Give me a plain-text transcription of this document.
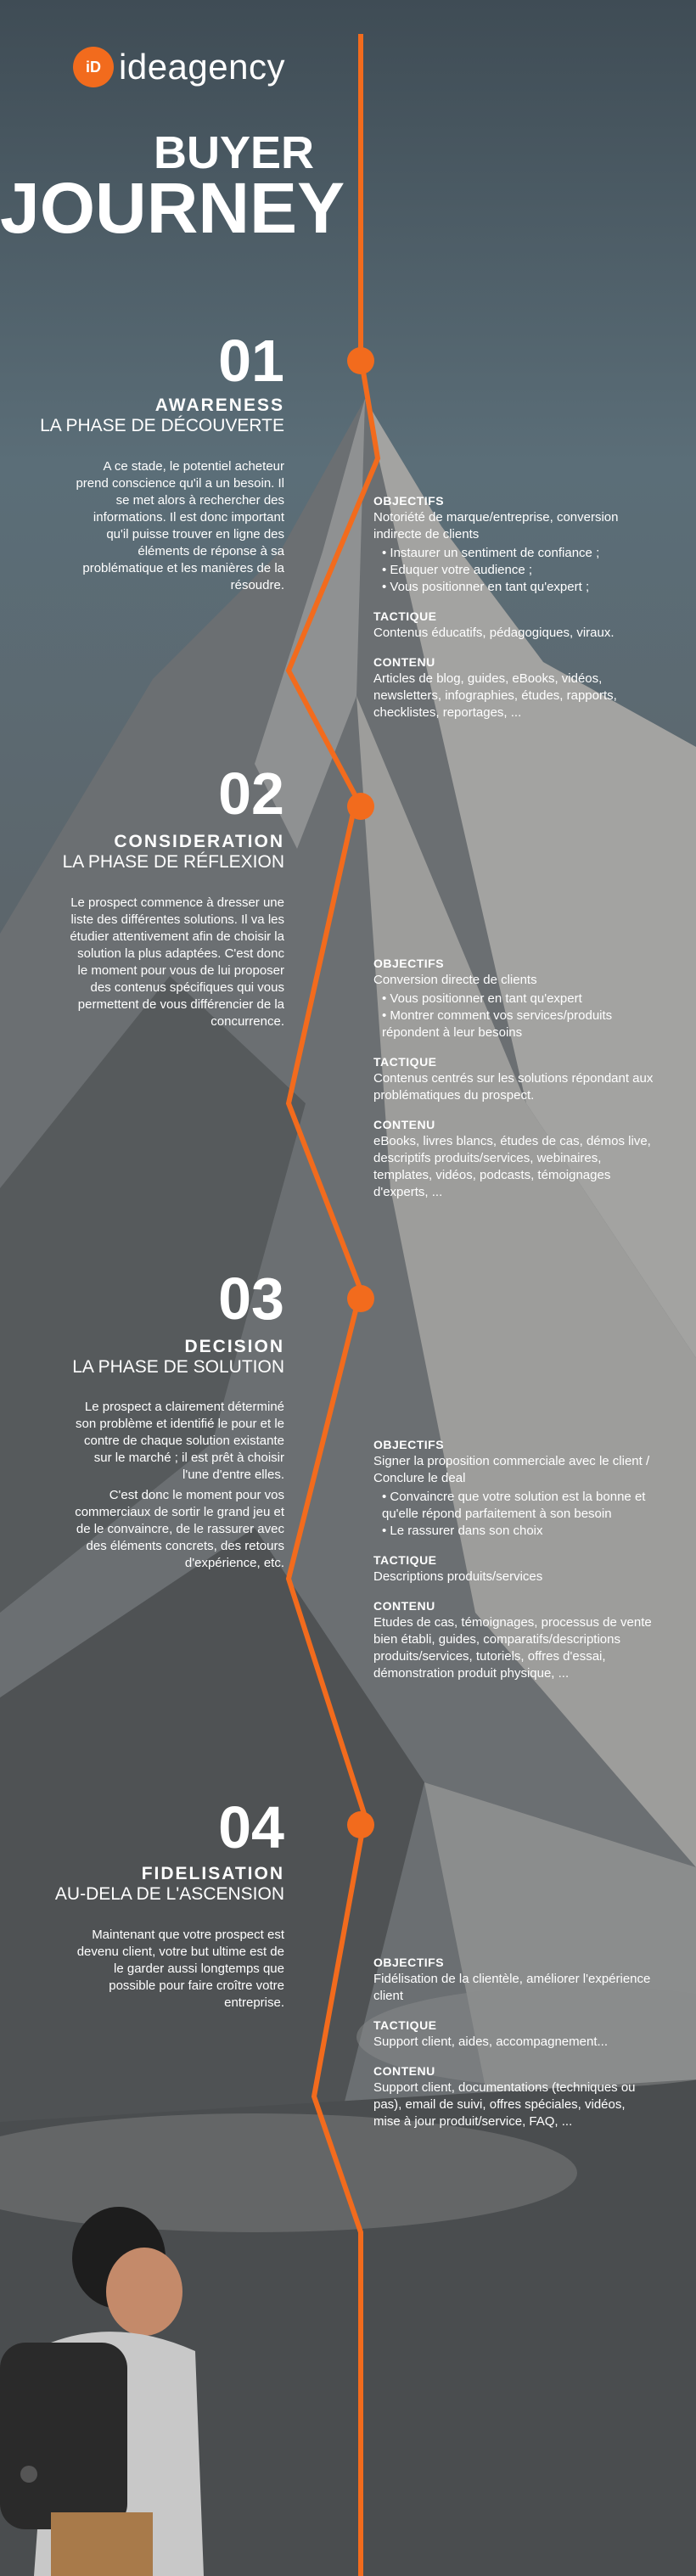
iD ideagency
BUYER
JOURNEY
01
AWARENESS
LA PHASE DE DÉCOUVERTE

A ce stade, le potentiel acheteur prend conscience qu'il a un besoin. Il se met alors à rechercher des informations. Il est donc important qu'il puisse trouver en ligne des éléments de réponse à sa problématique et les manières de la résoudre.

OBJECTIFS
Notoriété de marque/entreprise, conversion indirecte de clients
• Instaurer un sentiment de confiance ;
• Eduquer votre audience ;
• Vous positionner en tant qu'expert ;
TACTIQUE
Contenus éducatifs, pédagogiques, viraux.
CONTENU
Articles de blog, guides, eBooks, vidéos, newsletters, infographies, études, rapports, checklistes, reportages, ...
02
CONSIDERATION
LA PHASE DE RÉFLEXION

Le prospect commence à dresser une liste des différentes solutions. Il va les étudier attentivement afin de choisir la solution la plus adaptées. C'est donc le moment pour vous de lui proposer des contenus spécifiques qui vous permettent de vous différencier de la concurrence.

OBJECTIFS
Conversion directe de clients
• Vous positionner en tant qu'expert
• Montrer comment vos services/produits répondent à leur besoins
TACTIQUE
Contenus centrés sur les solutions répondant aux problématiques du prospect.
CONTENU
eBooks, livres blancs, études de cas, démos live, descriptifs produits/services, webinaires, templates, vidéos, podcasts, témoignages d'experts, ...
03
DECISION
LA PHASE DE SOLUTION

Le prospect a clairement déterminé son problème et identifié le pour et le contre de chaque solution existante sur le marché ; il est prêt à choisir l'une d'entre elles.

C'est donc le moment pour vos commerciaux de sortir le grand jeu et de le convaincre, de le rassurer avec des éléments concrets, des retours d'expérience, etc.

OBJECTIFS
Signer la proposition commerciale avec le client / Conclure le deal
• Convaincre que votre solution est la bonne et qu'elle répond parfaitement à son besoin
• Le rassurer dans son choix
TACTIQUE
Descriptions produits/services
CONTENU
Etudes de cas, témoignages, processus de vente bien établi, guides, comparatifs/descriptions produits/services, tutoriels, offres d'essai, démonstration produit physique, ...
04
FIDELISATION
AU-DELA DE L'ASCENSION

Maintenant que votre prospect est devenu client, votre but ultime est de le garder aussi longtemps que possible pour faire croître votre entreprise.

OBJECTIFS
Fidélisation de la clientèle, améliorer l'expérience client
TACTIQUE
Support client, aides, accompagnement...
CONTENU
Support client, documentations (techniques ou pas), email de suivi, offres spéciales, vidéos, mise à jour produit/service, FAQ, ...
